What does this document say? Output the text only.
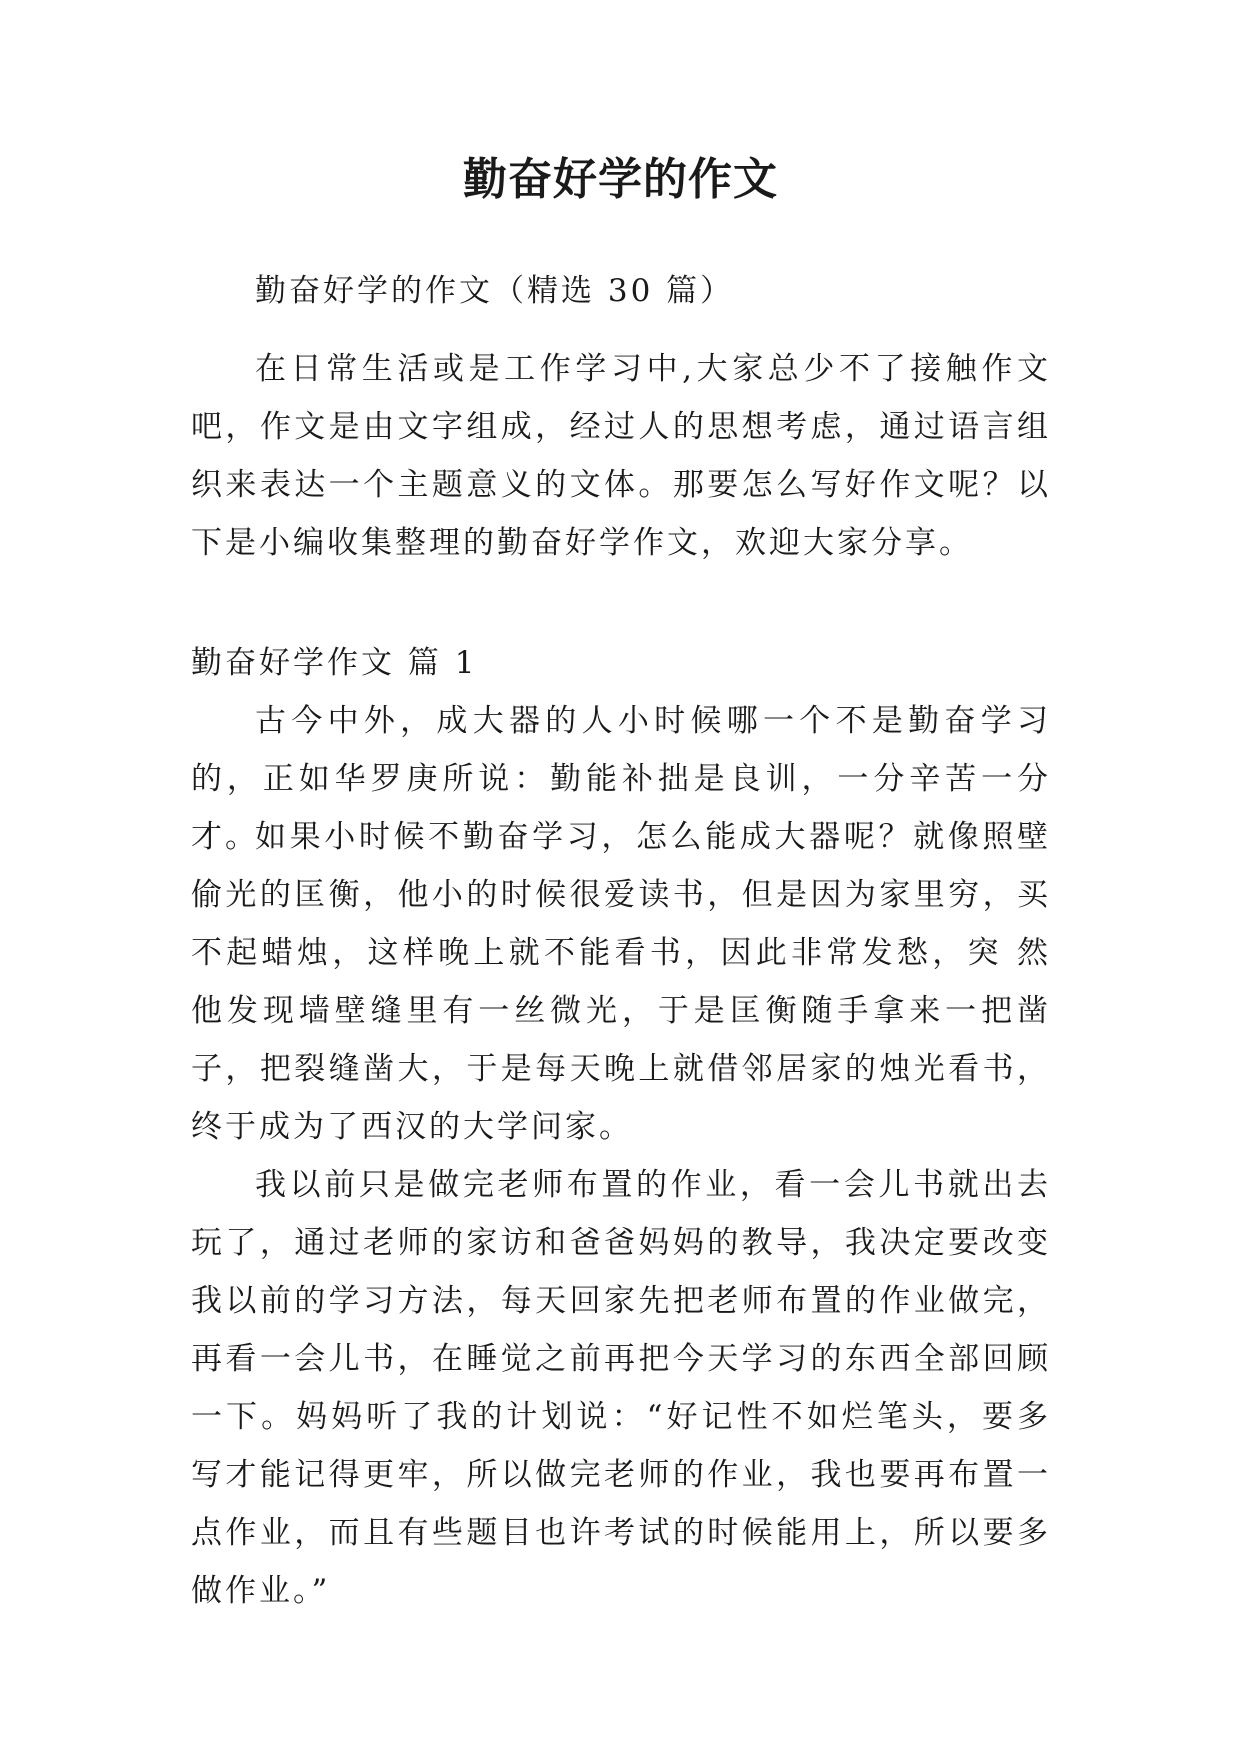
勤奋好学的作文

勤奋好学的作文（精选 30 篇）

在日常生活或是工作学习中,大家总少不了接触作文吧，作文是由文字组成，经过人的思想考虑，通过语言组织来表达一个主题意义的文体。那要怎么写好作文呢？以下是小编收集整理的勤奋好学作文，欢迎大家分享。

勤奋好学作文 篇 1

古今中外，成大器的人小时候哪一个不是勤奋学习的，正如华罗庚所说：勤能补拙是良训，一分辛苦一分才。

如果小时候不勤奋学习，怎么能成大器呢？就像照壁偷光的匡衡，他小的时候很爱读书，但是因为家里穷，买不起蜡烛，这样晚上就不能看书，因此非常发愁，突 然他发现墙壁缝里有一丝微光，于是匡衡随手拿来一把凿子，把裂缝凿大，于是每天晚上就借邻居家的烛光看书，终于成为了西汉的大学问家。

我以前只是做完老师布置的作业，看一会儿书就出去玩了，通过老师的家访和爸爸妈妈的教导，我决定要改变我以前的学习方法，每天回家先把老师布置的作业做完，再看一会儿书，在睡觉之前再把今天学习的东西全部回顾一下。妈妈听了我的计划说：“好记性不如烂笔头，要多写才能记得更牢，所以做完老师的作业，我也要再布置一点作业，而且有些题目也许考试的时候能用上，所以要多做作业。”
